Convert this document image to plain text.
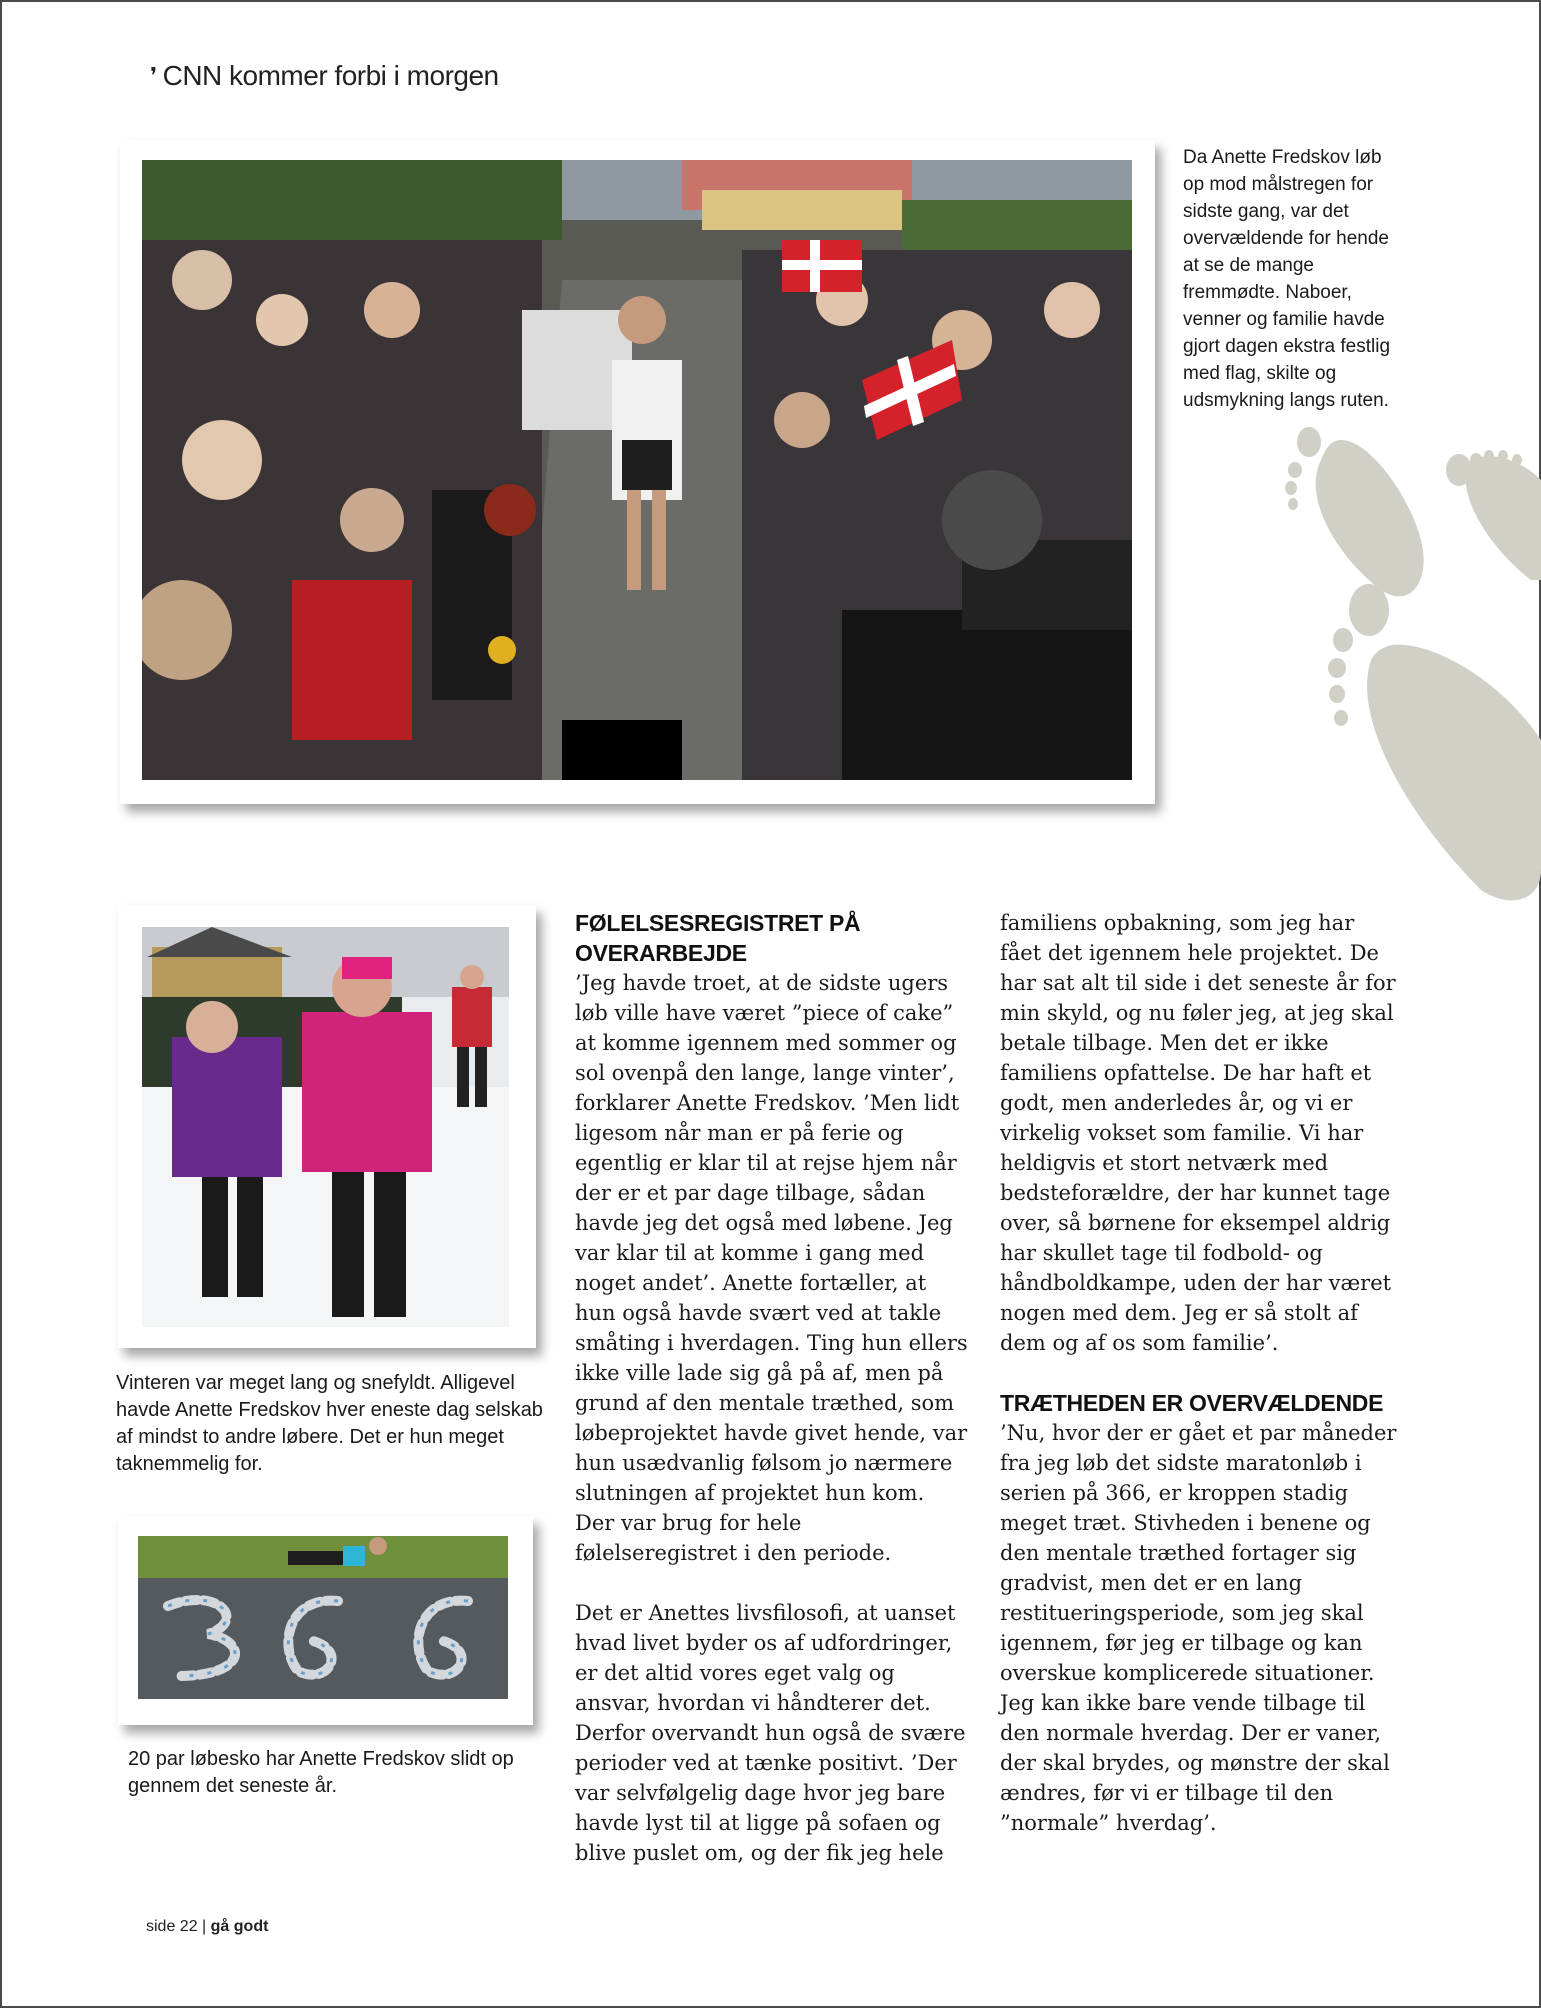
❜ CNN kommer forbi i morgen
Da Anette Fredskov løb op mod målstregen for sidste gang, var det overvældende for hende at se de mange fremmødte. Naboer, venner og familie havde gjort dagen ekstra festlig med flag, skilte og udsmykning langs ruten.
Vinteren var meget lang og snefyldt. Alligevel havde Anette Fredskov hver eneste dag selskab af mindst to andre løbere. Det er hun meget taknemmelig for.
20 par løbesko har Anette Fredskov slidt op gennem det seneste år.

FØLELSESREGISTRET PÅ OVERARBEJDE

’Jeg havde troet, at de sidste ugers løb ville have været ”piece of cake” at komme igennem med sommer og sol ovenpå den lange, lange vinter’, forklarer Anette Fredskov. ’Men lidt ligesom når man er på ferie og egentlig er klar til at rejse hjem når der er et par dage tilbage, sådan havde jeg det også med løbene. Jeg var klar til at komme i gang med noget andet’. Anette fortæller, at hun også havde svært ved at takle småting i hverdagen. Ting hun ellers ikke ville lade sig gå på af, men på grund af den mentale træthed, som løbeprojektet havde givet hende, var hun usædvanlig følsom jo nærmere slutningen af projektet hun kom. Der var brug for hele følelseregistret i den periode.

Det er Anettes livsfilosofi, at uanset hvad livet byder os af udfordringer, er det altid vores eget valg og ansvar, hvordan vi håndterer det. Derfor overvandt hun også de svære perioder ved at tænke positivt. ’Der var selvfølgelig dage hvor jeg bare havde lyst til at ligge på sofaen og blive puslet om, og der fik jeg hele

familiens opbakning, som jeg har fået det igennem hele projektet. De har sat alt til side i det seneste år for min skyld, og nu føler jeg, at jeg skal betale tilbage. Men det er ikke familiens opfattelse. De har haft et godt, men anderledes år, og vi er virkelig vokset som familie. Vi har heldigvis et stort netværk med bedsteforældre, der har kunnet tage over, så børnene for eksempel aldrig har skullet tage til fodbold- og håndboldkampe, uden der har været nogen med dem. Jeg er så stolt af dem og af os som familie’.

TRÆTHEDEN ER OVERVÆLDENDE

’Nu, hvor der er gået et par måneder fra jeg løb det sidste maratonløb i serien på 366, er kroppen stadig meget træt. Stivheden i benene og den mentale træthed fortager sig gradvist, men det er en lang restitueringsperiode, som jeg skal igennem, før jeg er tilbage og kan overskue komplicerede situationer. Jeg kan ikke bare vende tilbage til den normale hverdag. Der er vaner, der skal brydes, og mønstre der skal ændres, før vi er tilbage til den ”normale” hverdag’.

side 22 | gå godt
